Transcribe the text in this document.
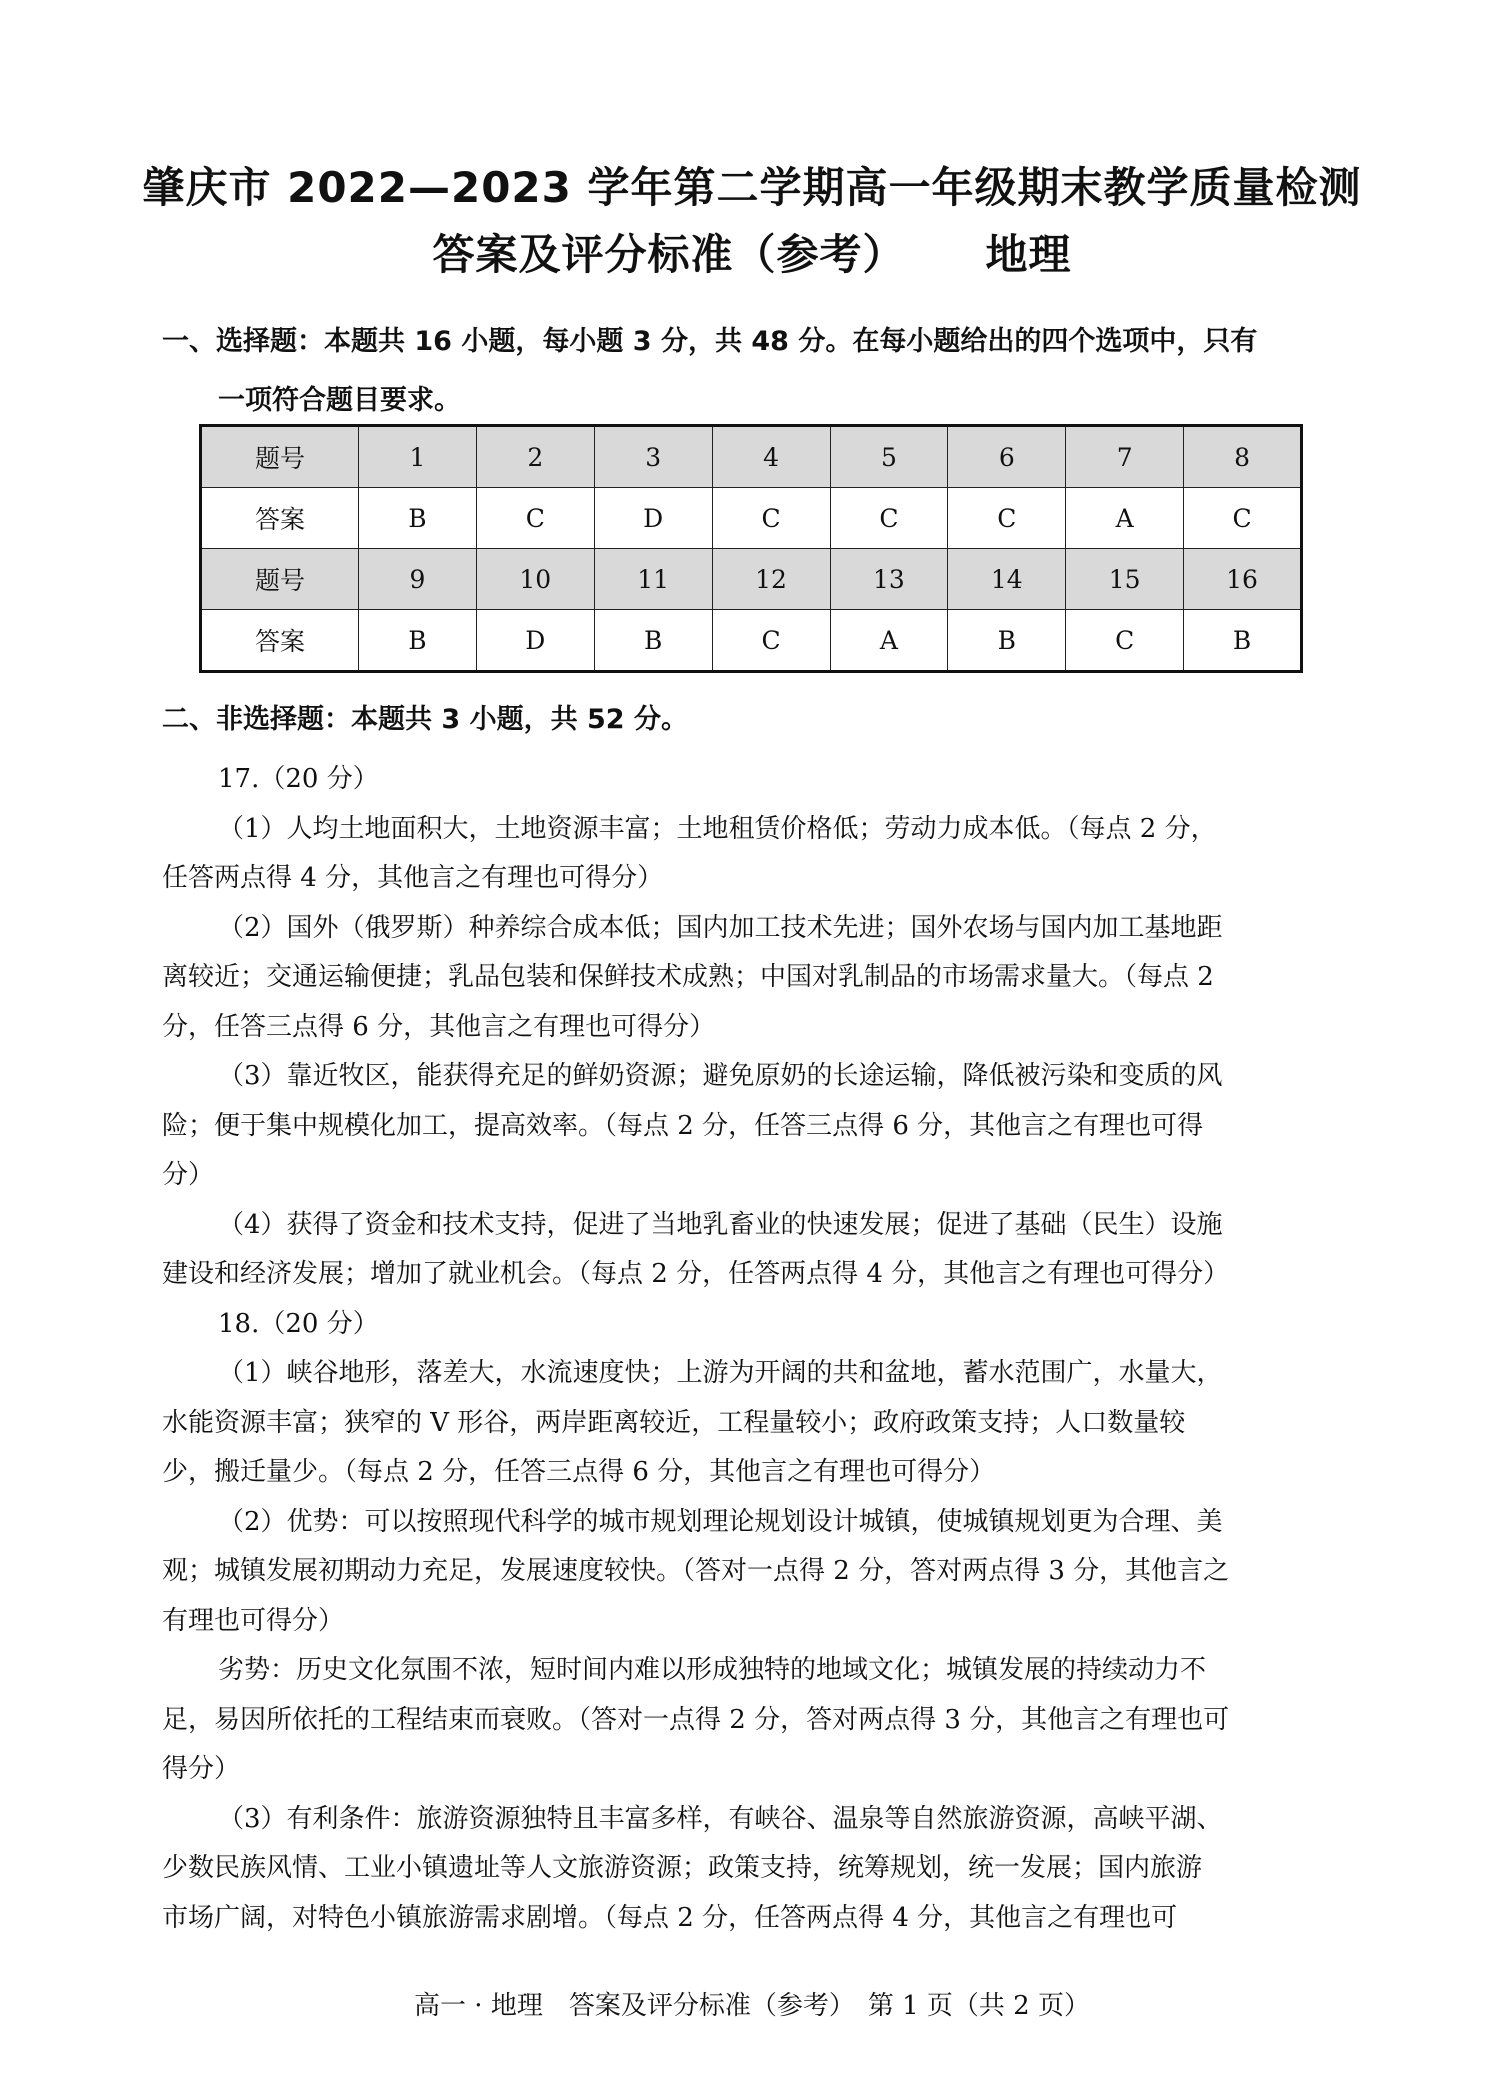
肇庆市 2022—2023 学年第二学期高一年级期末教学质量检测
答案及评分标准（参考） 地理
一、选择题：本题共 16 小题，每小题 3 分，共 48 分。在每小题给出的四个选项中，只有
一项符合题目要求。
题号	1	2	3	4	5	6	7	8
答案	B	C	D	C	C	C	A	C
题号	9	10	11	12	13	14	15	16
答案	B	D	B	C	A	B	C	B
二、非选择题：本题共 3 小题，共 52 分。

17.（20 分）

（1）人均土地面积大，土地资源丰富；土地租赁价格低；劳动力成本低。（每点 2 分，

任答两点得 4 分，其他言之有理也可得分）

（2）国外（俄罗斯）种养综合成本低；国内加工技术先进；国外农场与国内加工基地距

离较近；交通运输便捷；乳品包装和保鲜技术成熟；中国对乳制品的市场需求量大。（每点 2

分，任答三点得 6 分，其他言之有理也可得分）

（3）靠近牧区，能获得充足的鲜奶资源；避免原奶的长途运输，降低被污染和变质的风

险；便于集中规模化加工，提高效率。（每点 2 分，任答三点得 6 分，其他言之有理也可得

分）

（4）获得了资金和技术支持，促进了当地乳畜业的快速发展；促进了基础（民生）设施

建设和经济发展；增加了就业机会。（每点 2 分，任答两点得 4 分，其他言之有理也可得分）

18.（20 分）

（1）峡谷地形，落差大，水流速度快；上游为开阔的共和盆地，蓄水范围广，水量大，

水能资源丰富；狭窄的 V 形谷，两岸距离较近，工程量较小；政府政策支持；人口数量较

少，搬迁量少。（每点 2 分，任答三点得 6 分，其他言之有理也可得分）

（2）优势：可以按照现代科学的城市规划理论规划设计城镇，使城镇规划更为合理、美

观；城镇发展初期动力充足，发展速度较快。（答对一点得 2 分，答对两点得 3 分，其他言之

有理也可得分）

劣势：历史文化氛围不浓，短时间内难以形成独特的地域文化；城镇发展的持续动力不

足，易因所依托的工程结束而衰败。（答对一点得 2 分，答对两点得 3 分，其他言之有理也可

得分）

（3）有利条件：旅游资源独特且丰富多样，有峡谷、温泉等自然旅游资源，高峡平湖、

少数民族风情、工业小镇遗址等人文旅游资源；政策支持，统筹规划，统一发展；国内旅游

市场广阔，对特色小镇旅游需求剧增。（每点 2 分，任答两点得 4 分，其他言之有理也可

高一 · 地理　答案及评分标准（参考）　第 1 页（共 2 页）
